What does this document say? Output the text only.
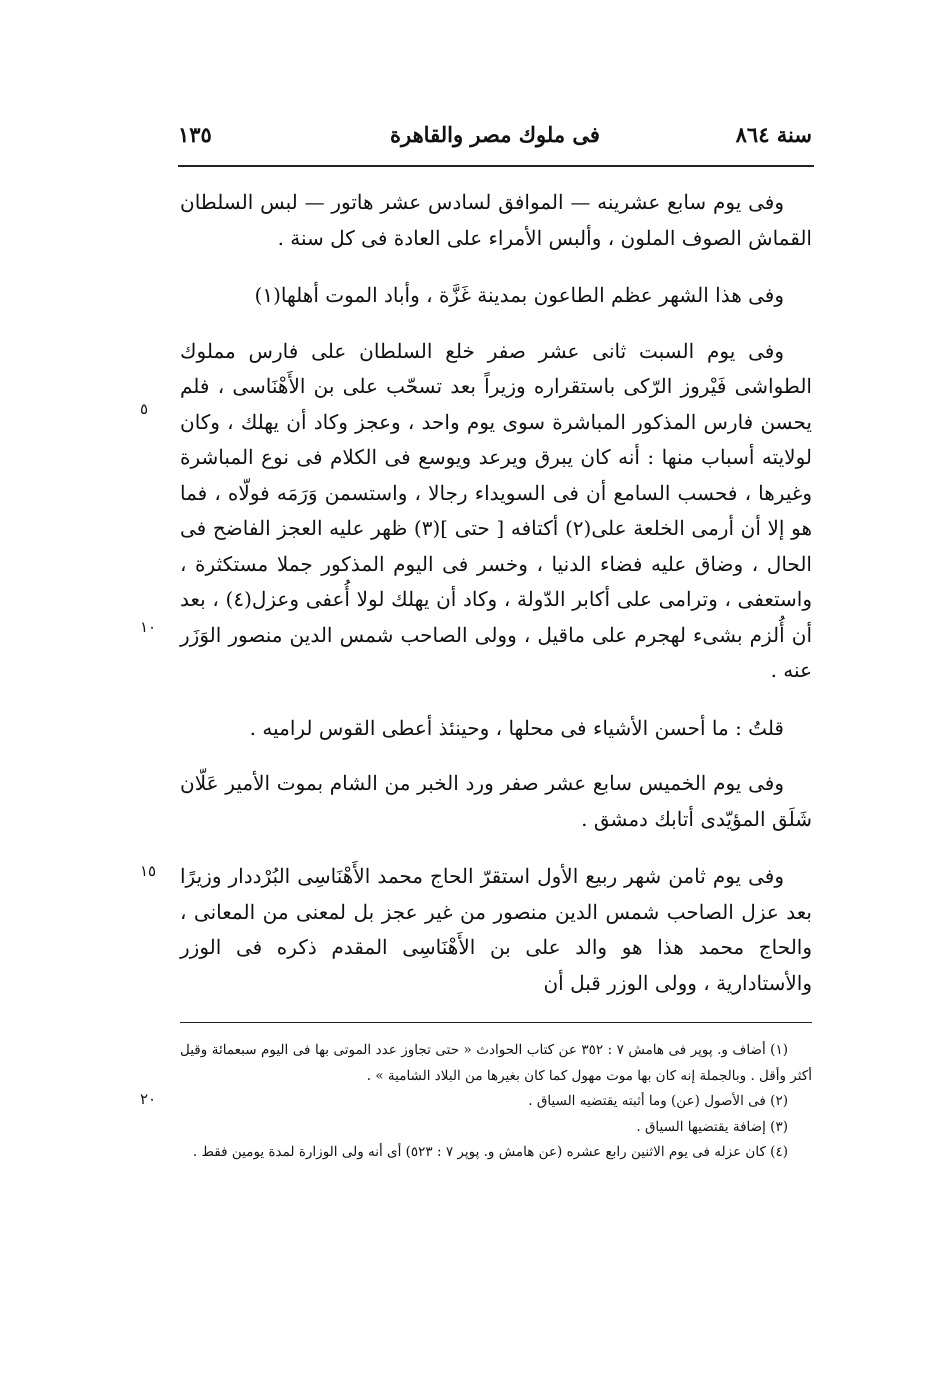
سنة ٨٦٤
فى ملوك مصر والقاهرة
١٣٥

وفى يوم سابع عشرينه — الموافق لسادس عشر هاتور — لبس السلطان القماش الصوف الملون ، وألبس الأمراء على العادة فى كل سنة .

وفى هذا الشهر عظم الطاعون بمدينة غَزَّة ، وأباد الموت أهلها(١)

وفى يوم السبت ثانى عشر صفر خلع السلطان على فارس مملوك الطواشى فَيْروز الرّكى باستقراره وزيراً بعد تسحّب على بن الأَهْنَاسى ، فلم يحسن فارس المذكور المباشرة سوى يوم واحد ، وعجز وكاد أن يهلك ، وكان لولايته أسباب منها : أنه كان يبرق ويرعد ويوسع فى الكلام فى نوع المباشرة وغيرها ، فحسب السامع أن فى السويداء رجالا ، واستسمن وَرَمَه فولّاه ، فما هو إلا أن أرمى الخلعة على(٢) أكتافه [ حتى ](٣) ظهر عليه العجز الفاضح فى الحال ، وضاق عليه فضاء الدنيا ، وخسر فى اليوم المذكور جملا مستكثرة ، واستعفى ، وترامى على أكابر الدّولة ، وكاد أن يهلك لولا أُعفى وعزل(٤) ، بعد أن أُلزم بشىء لهجرم على ماقيل ، وولى الصاحب شمس الدين منصور الوَزَر عنه .

قلتُ : ما أحسن الأشياء فى محلها ، وحينئذ أعطى القوس لراميه .

وفى يوم الخميس سابع عشر صفر ورد الخبر من الشام بموت الأمير عَلّان شَلَق المؤيّدى أتابك دمشق .

وفى يوم ثامن شهر ربيع الأول استقرّ الحاج محمد الأَهْنَاسِى البُرْددار وزيرًا بعد عزل الصاحب شمس الدين منصور من غير عجز بل لمعنى من المعانى ، والحاج محمد هذا هو والد على بن الأَهْنَاسِى المقدم ذكره فى الوزر والأستادارية ، وولى الوزر قبل أن

٥
١٠
١٥
٢٠

(١) أضاف و. پوپر فى هامش ٧ : ٣٥٢ عن كتاب الحوادث « حتى تجاوز عدد الموتى بها فى اليوم سبعمائة وقيل أكثر وأقل . وبالجملة إنه كان بها موت مهول كما كان بغيرها من البلاد الشامية » .

(٢) فى الأصول (عن) وما أثبته يقتضيه السياق .

(٣) إضافة يقتضيها السياق .

(٤) كان عزله فى يوم الاثنين رابع عشره (عن هامش و. پوپر ٧ : ٥٢٣) أى أنه ولى الوزارة لمدة يومين فقط .
